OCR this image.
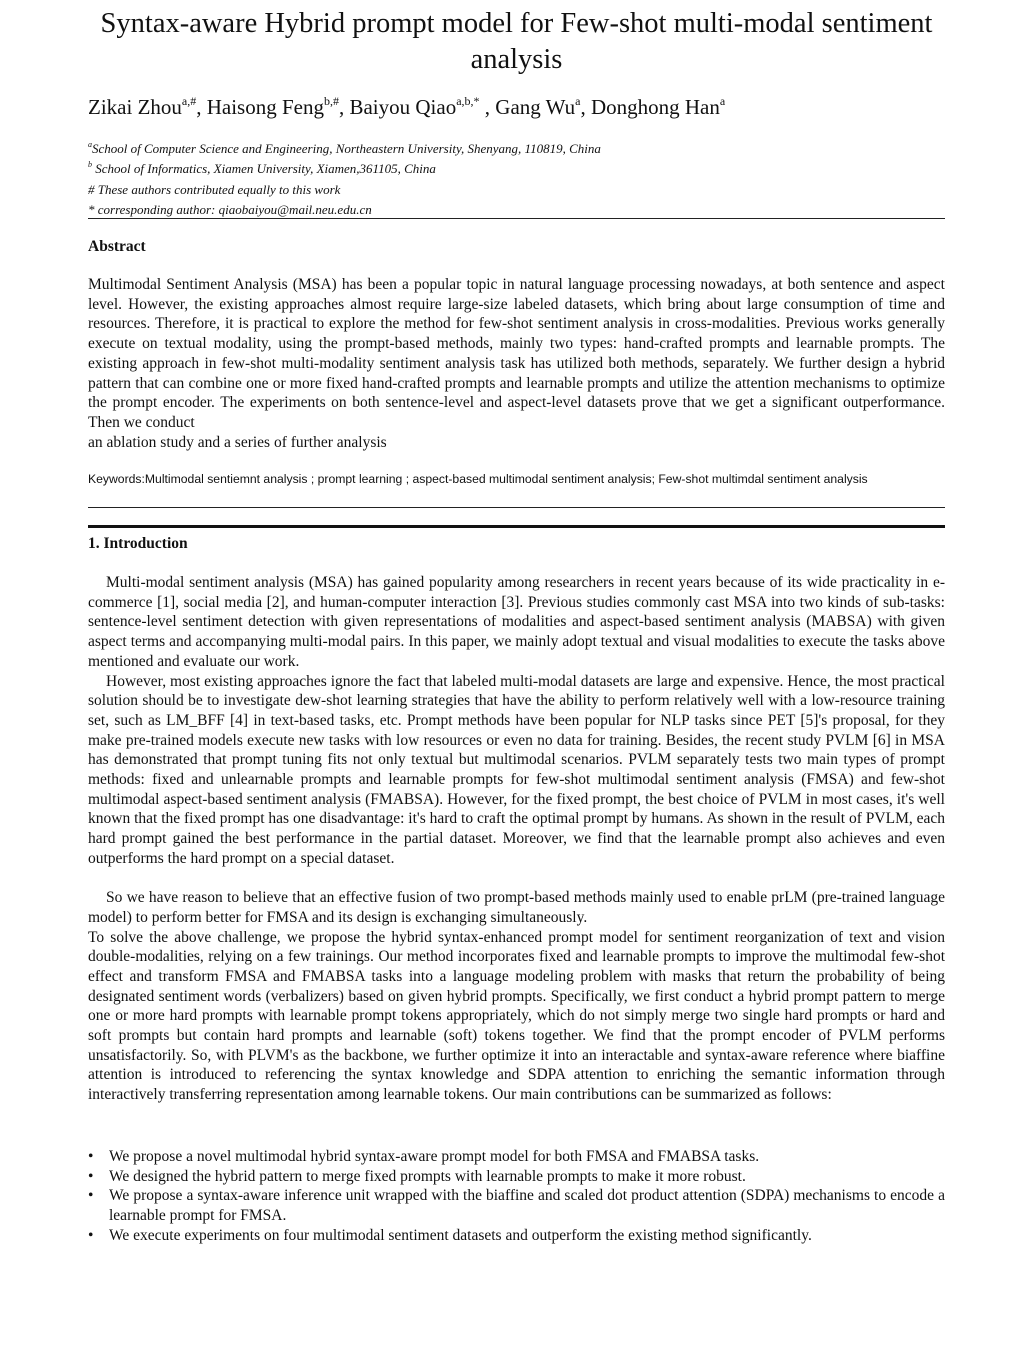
Syntax-aware Hybrid prompt model for Few-shot multi-modal sentiment analysis
Zikai Zhou$^{a,\#}$, Haisong Feng$^{b,\#}$, Baiyou Qiao$^{a,b,*}$ , Gang Wu$^a$, Donghong Han$^a$
$^a$School of Computer Science and Engineering, Northeastern University, Shenyang, 110819, China
$^b$ School of Informatics, Xiamen University, Xiamen,361105, China
# These authors contributed equally to this work
* corresponding author: qiaobaiyou@mail.neu.edu.cn
Abstract
Multimodal Sentiment Analysis (MSA) has been a popular topic in natural language processing nowadays, at both sentence and aspect level. However, the existing approaches almost require large-size labeled datasets, which bring about large consumption of time and resources. Therefore, it is practical to explore the method for few-shot sentiment analysis in cross-modalities. Previous works generally execute on textual modality, using the prompt-based methods, mainly two types: hand-crafted prompts and learnable prompts. The existing approach in few-shot multi-modality sentiment analysis task has utilized both methods, separately. We further design a hybrid pattern that can combine one or more fixed hand-crafted prompts and learnable prompts and utilize the attention mechanisms to optimize the prompt encoder. The experiments on both sentence-level and aspect-level datasets prove that we get a significant outperformance. Then we conduct
an ablation study and a series of further analysis
Keywords:Multimodal sentiemnt analysis ; prompt learning ; aspect-based multimodal sentiment analysis; Few-shot multimdal sentiment analysis
1. Introduction
Multi-modal sentiment analysis (MSA) has gained popularity among researchers in recent years because of its wide practicality in e-commerce [1], social media [2], and human-computer interaction [3]. Previous studies commonly cast MSA into two kinds of sub-tasks: sentence-level sentiment detection with given representations of modalities and aspect-based sentiment analysis (MABSA) with given aspect terms and accompanying multi-modal pairs. In this paper, we mainly adopt textual and visual modalities to execute the tasks above mentioned and evaluate our work.
However, most existing approaches ignore the fact that labeled multi-modal datasets are large and expensive. Hence, the most practical solution should be to investigate dew-shot learning strategies that have the ability to perform relatively well with a low-resource training set, such as LM_BFF [4] in text-based tasks, etc. Prompt methods have been popular for NLP tasks since PET [5]'s proposal, for they make pre-trained models execute new tasks with low resources or even no data for training. Besides, the recent study PVLM [6] in MSA has demonstrated that prompt tuning fits not only textual but multimodal scenarios. PVLM separately tests two main types of prompt methods: fixed and unlearnable prompts and learnable prompts for few-shot multimodal sentiment analysis (FMSA) and few-shot multimodal aspect-based sentiment analysis (FMABSA). However, for the fixed prompt, the best choice of PVLM in most cases, it's well known that the fixed prompt has one disadvantage: it's hard to craft the optimal prompt by humans. As shown in the result of PVLM, each hard prompt gained the best performance in the partial dataset. Moreover, we find that the learnable prompt also achieves and even outperforms the hard prompt on a special dataset.
So we have reason to believe that an effective fusion of two prompt-based methods mainly used to enable prLM (pre-trained language model) to perform better for FMSA and its design is exchanging simultaneously.
To solve the above challenge, we propose the hybrid syntax-enhanced prompt model for sentiment reorganization of text and vision double-modalities, relying on a few trainings. Our method incorporates fixed and learnable prompts to improve the multimodal few-shot effect and transform FMSA and FMABSA tasks into a language modeling problem with masks that return the probability of being designated sentiment words (verbalizers) based on given hybrid prompts. Specifically, we first conduct a hybrid prompt pattern to merge one or more hard prompts with learnable prompt tokens appropriately, which do not simply merge two single hard prompts or hard and soft prompts but contain hard prompts and learnable (soft) tokens together. We find that the prompt encoder of PVLM performs unsatisfactorily. So, with PLVM's as the backbone, we further optimize it into an interactable and syntax-aware reference where biaffine attention is introduced to referencing the syntax knowledge and SDPA attention to enriching the semantic information through interactively transferring representation among learnable tokens. Our main contributions can be summarized as follows:
• We propose a novel multimodal hybrid syntax-aware prompt model for both FMSA and FMABSA tasks.
• We designed the hybrid pattern to merge fixed prompts with learnable prompts to make it more robust.
• We propose a syntax-aware inference unit wrapped with the biaffine and scaled dot product attention (SDPA) mechanisms to encode a learnable prompt for FMSA.
• We execute experiments on four multimodal sentiment datasets and outperform the existing method significantly.
